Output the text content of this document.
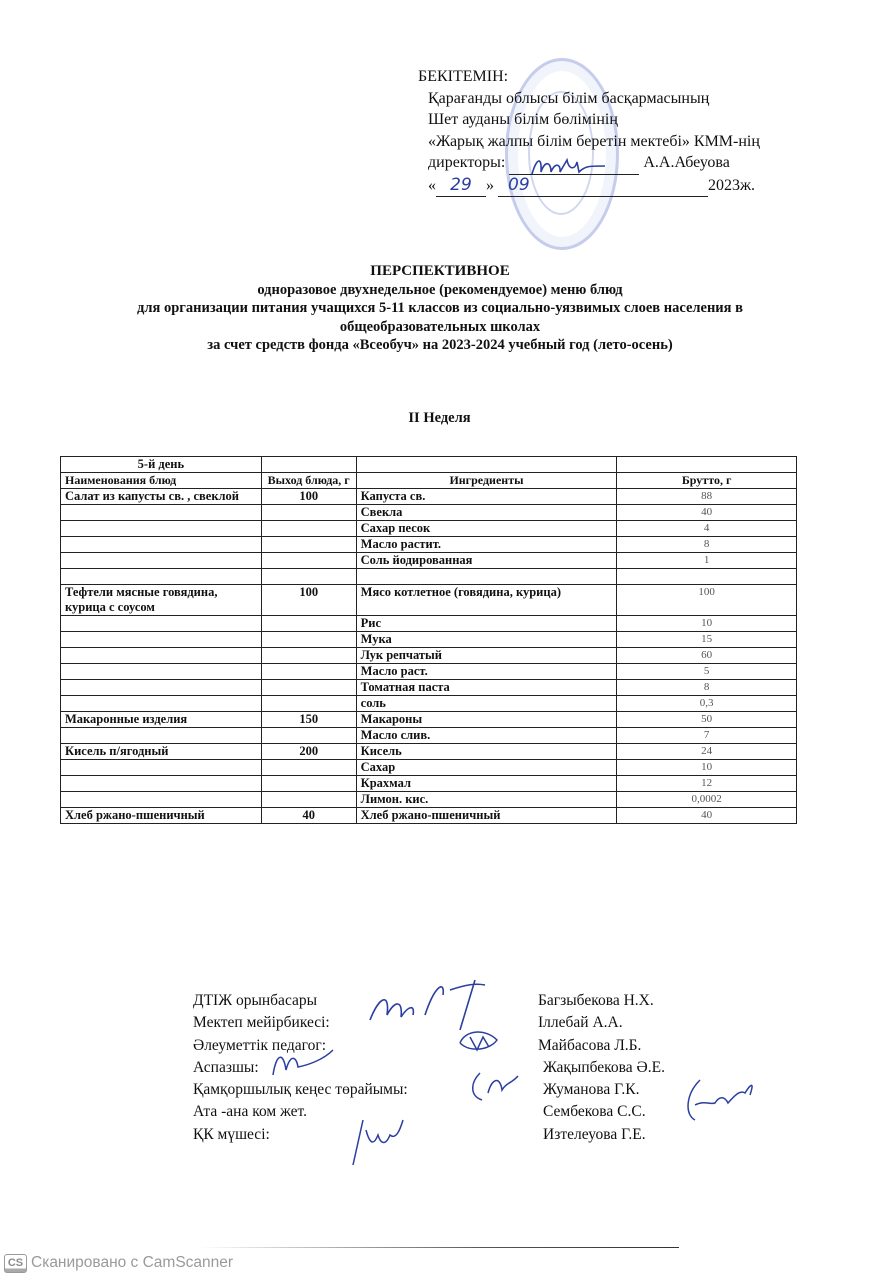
БЕКІТЕМІН:
Қарағанды облысы білім басқармасының
Шет ауданы білім бөлімінің
«Жарық жалпы білім беретін мектебі» КММ-нің
директоры:	А.А.Абеуова
« 29 » 09	2023ж.
ПЕРСПЕКТИВНОЕ
одноразовое двухнедельное (рекомендуемое) меню блюд
для организации питания учащихся 5-11 классов из социально-уязвимых слоев населения в
общеобразовательных школах
за счет средств фонда «Всеобуч» на 2023-2024 учебный год (лето-осень)
II Неделя
5-й день			
Наименования блюд	Выход блюда, г	Ингредиенты	Брутто, г
Салат из капусты св. , свеклой	100	Капуста св.	88
		Свекла	40
		Сахар песок	4
		Масло растит.	8
		Соль йодированная	1

Тефтели мясные говядина, курица с соусом	100	Мясо котлетное (говядина, курица)	100
		Рис	10
		Мука	15
		Лук репчатый	60
		Масло раст.	5
		Томатная паста	8
		соль	0,3
Макаронные изделия	150	Макароны	50
		Масло слив.	7
Кисель п/ягодный	200	Кисель	24
		Сахар	10
		Крахмал	12
		Лимон. кис.	0,0002
Хлеб ржано-пшеничный	40	Хлеб ржано-пшеничный	40
ДТІЖ орынбасары	Багзыбекова Н.Х.
Мектеп мейірбикесі:	Іллебай А.А.
Әлеуметтік педагог:	Майбасова Л.Б.
Аспазшы:	Жақыпбекова Ә.Е.
Қамқоршылық кеңес төрайымы:	Жуманова Г.К.
Ата -ана ком жет.	Сембекова С.С.
ҚК мүшесі:	Изтелеуова Г.Е.
CS Сканировано с CamScanner
